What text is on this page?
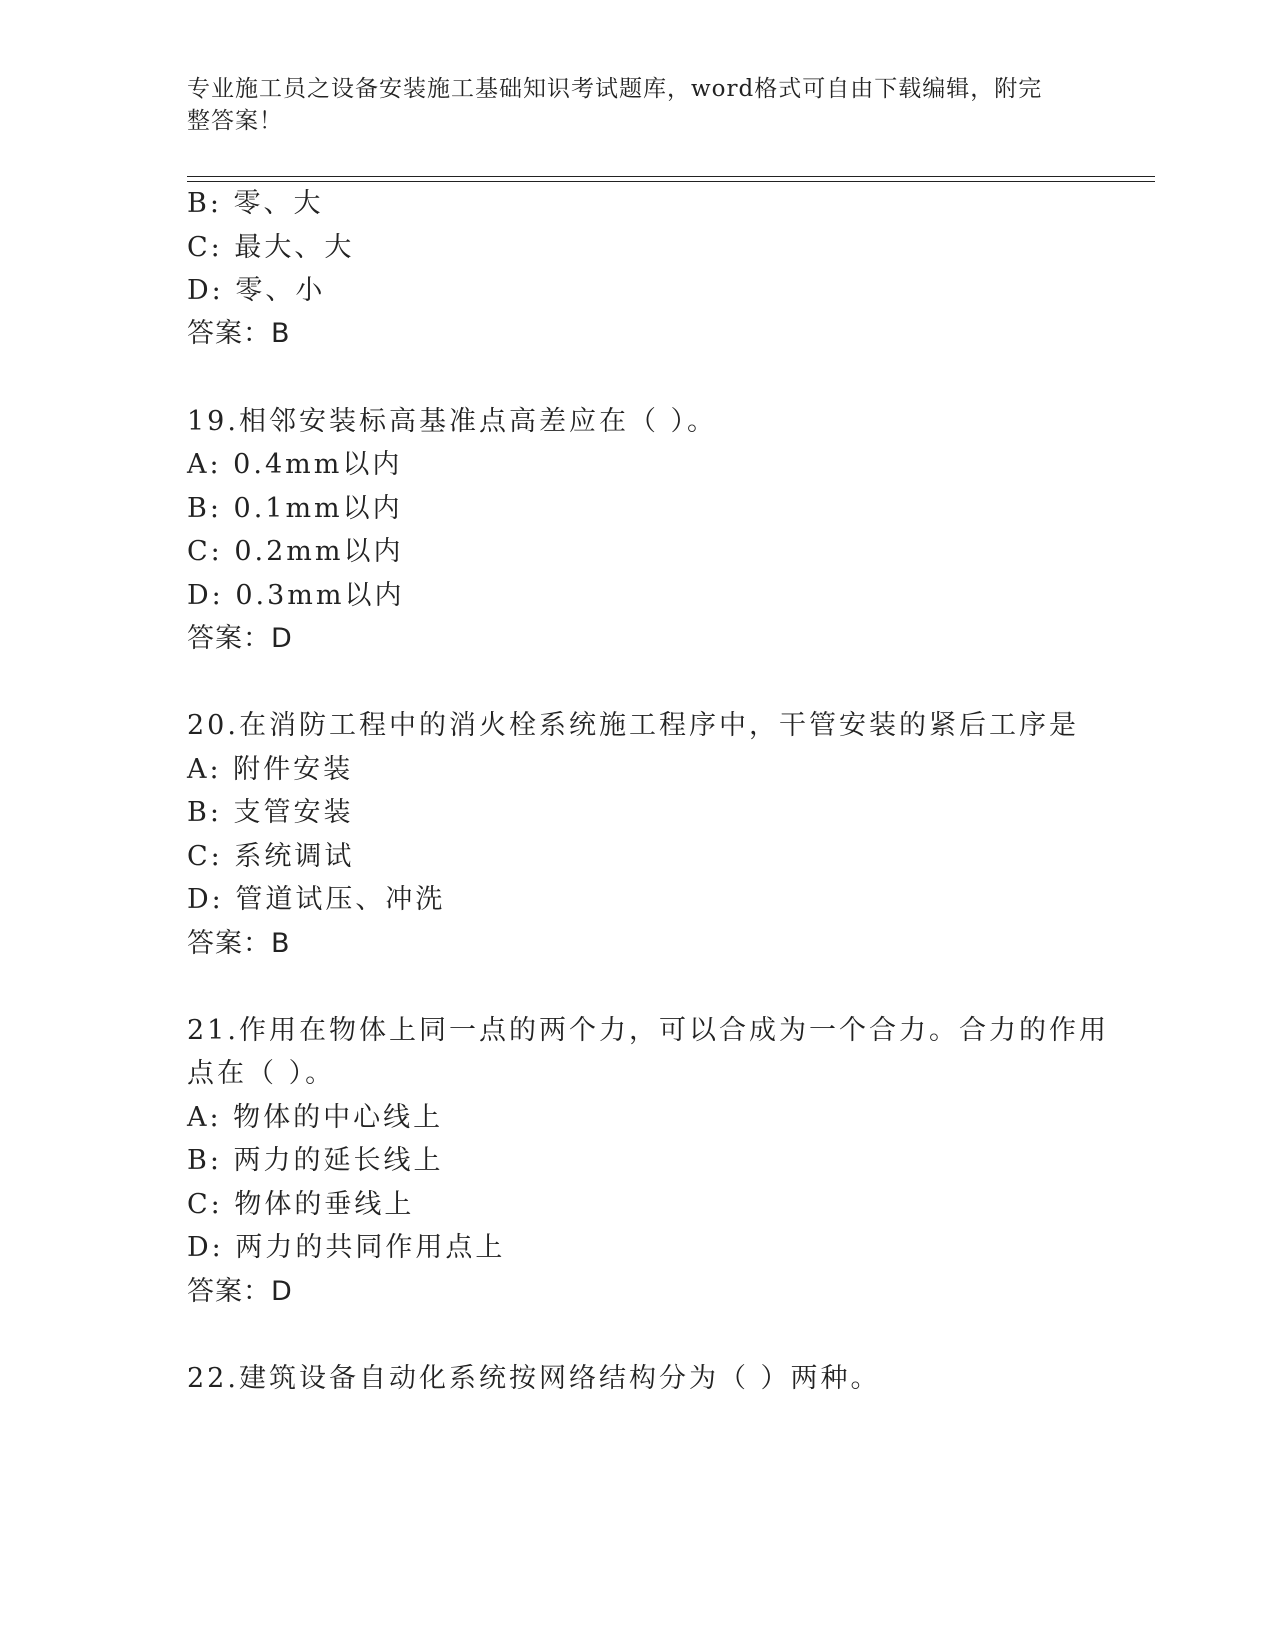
专业施工员之设备安装施工基础知识考试题库，word格式可自由下载编辑，附完
整答案！
B: 零、大
C: 最大、大
D: 零、小
答案：B
19.相邻安装标高基准点高差应在（ ）。
A: 0.4mm以内
B: 0.1mm以内
C: 0.2mm以内
D: 0.3mm以内
答案：D
20.在消防工程中的消火栓系统施工程序中，干管安装的紧后工序是
A: 附件安装
B: 支管安装
C: 系统调试
D: 管道试压、冲洗
答案：B
21.作用在物体上同一点的两个力，可以合成为一个合力。合力的作用
点在（ ）。
A: 物体的中心线上
B: 两力的延长线上
C: 物体的垂线上
D: 两力的共同作用点上
答案：D
22.建筑设备自动化系统按网络结构分为（ ）两种。
